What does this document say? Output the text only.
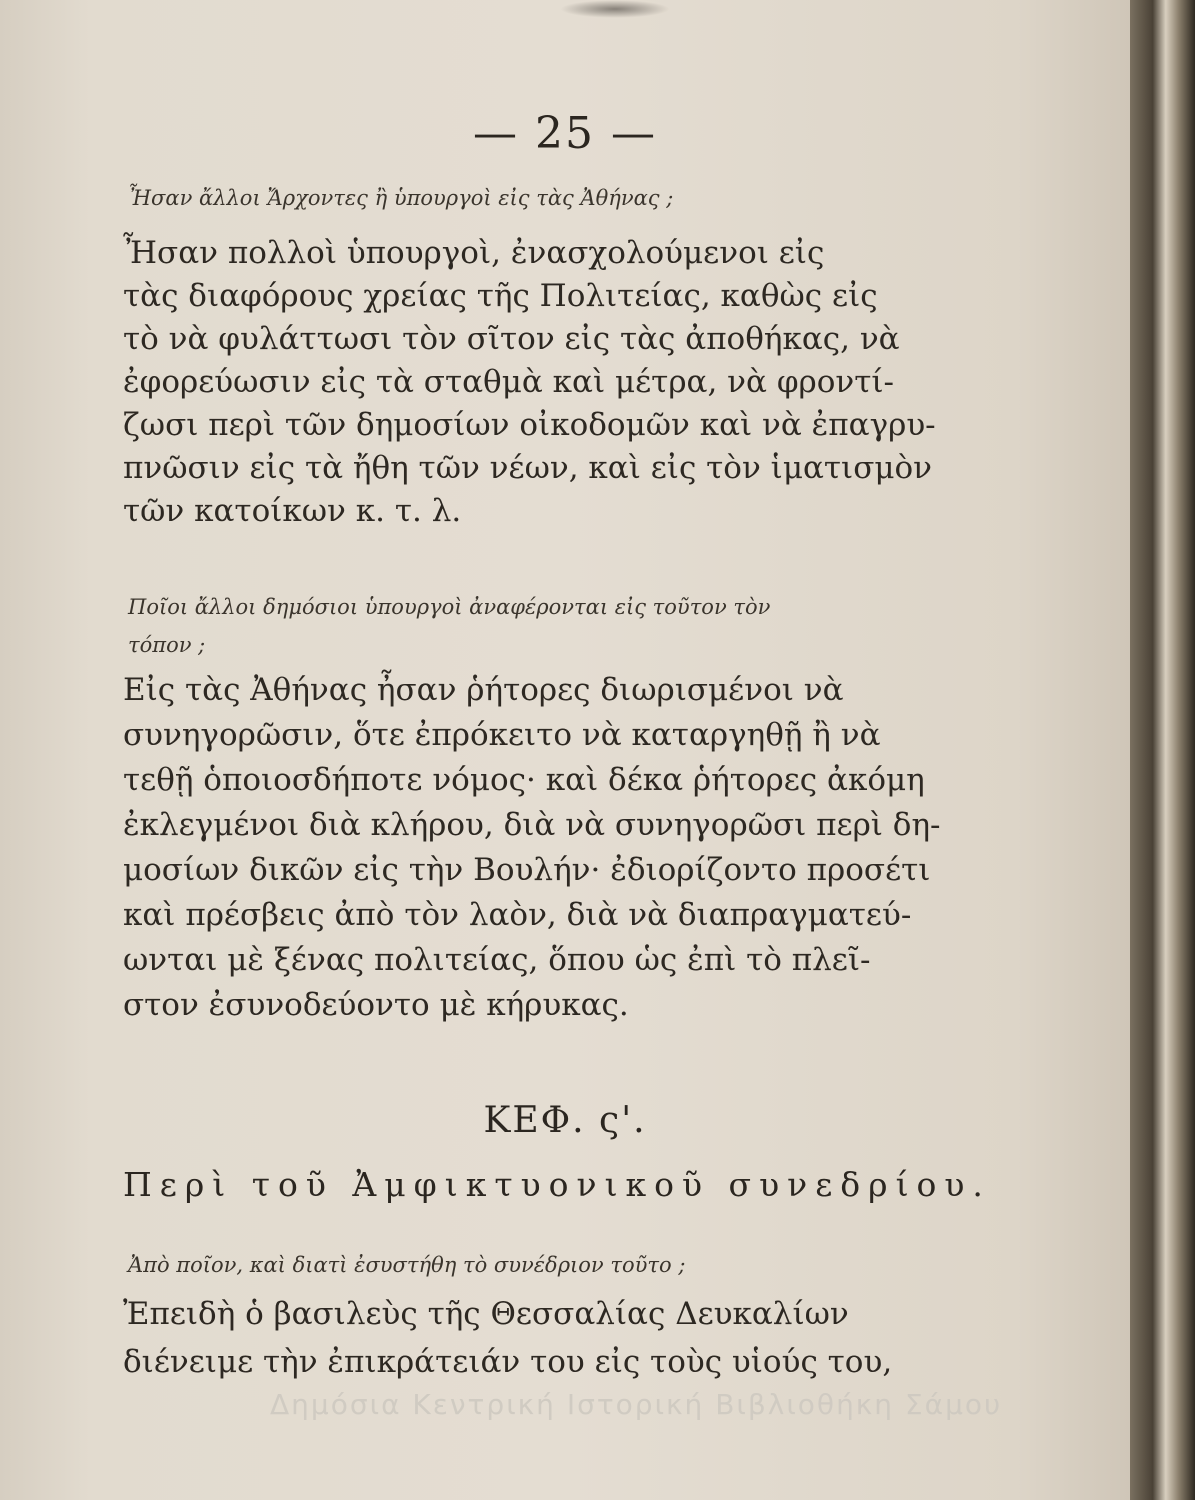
— 25 —
Ἦσαν ἄλλοι Ἄρχοντες ἢ ὑπουργοὶ εἰς τὰς Ἀθήνας ;
Ἦσαν πολλοὶ ὑπουργοὶ, ἐνασχολούμενοι εἰς
τὰς διαφόρους χρείας τῆς Πολιτείας, καθὼς εἰς
τὸ νὰ φυλάττωσι τὸν σῖτον εἰς τὰς ἀποθήκας, νὰ
ἐφορεύωσιν εἰς τὰ σταθμὰ καὶ μέτρα, νὰ φροντί-
ζωσι περὶ τῶν δημοσίων οἰκοδομῶν καὶ νὰ ἐπαγρυ-
πνῶσιν εἰς τὰ ἤθη τῶν νέων, καὶ εἰς τὸν ἱματισμὸν
τῶν κατοίκων κ. τ. λ.
Ποῖοι ἄλλοι δημόσιοι ὑπουργοὶ ἀναφέρονται εἰς τοῦτον τὸν
τόπον ;
Εἰς τὰς Ἀθήνας ἦσαν ῥήτορες διωρισμένοι νὰ
συνηγορῶσιν, ὅτε ἐπρόκειτο νὰ καταργηθῇ ἢ νὰ
τεθῇ ὁποιοσδήποτε νόμος· καὶ δέκα ῥήτορες ἀκόμη
ἐκλεγμένοι διὰ κλήρου, διὰ νὰ συνηγορῶσι περὶ δη-
μοσίων δικῶν εἰς τὴν Βουλήν· ἐδιορίζοντο προσέτι
καὶ πρέσβεις ἀπὸ τὸν λαὸν, διὰ νὰ διαπραγματεύ-
ωνται μὲ ξένας πολιτείας, ὅπου ὡς ἐπὶ τὸ πλεῖ-
στον ἐσυνοδεύοντο μὲ κήρυκας.
ΚΕΦ. ς'.
Περὶ τοῦ Ἀμφικτυονικοῦ συνεδρίου.
Ἀπὸ ποῖον, καὶ διατὶ ἐσυστήθη τὸ συνέδριον τοῦτο ;
Ἐπειδὴ ὁ βασιλεὺς τῆς Θεσσαλίας Δευκαλίων
διένειμε τὴν ἐπικράτειάν του εἰς τοὺς υἱούς του,
Δημόσια Κεντρική Ιστορική Βιβλιοθήκη Σάμου
